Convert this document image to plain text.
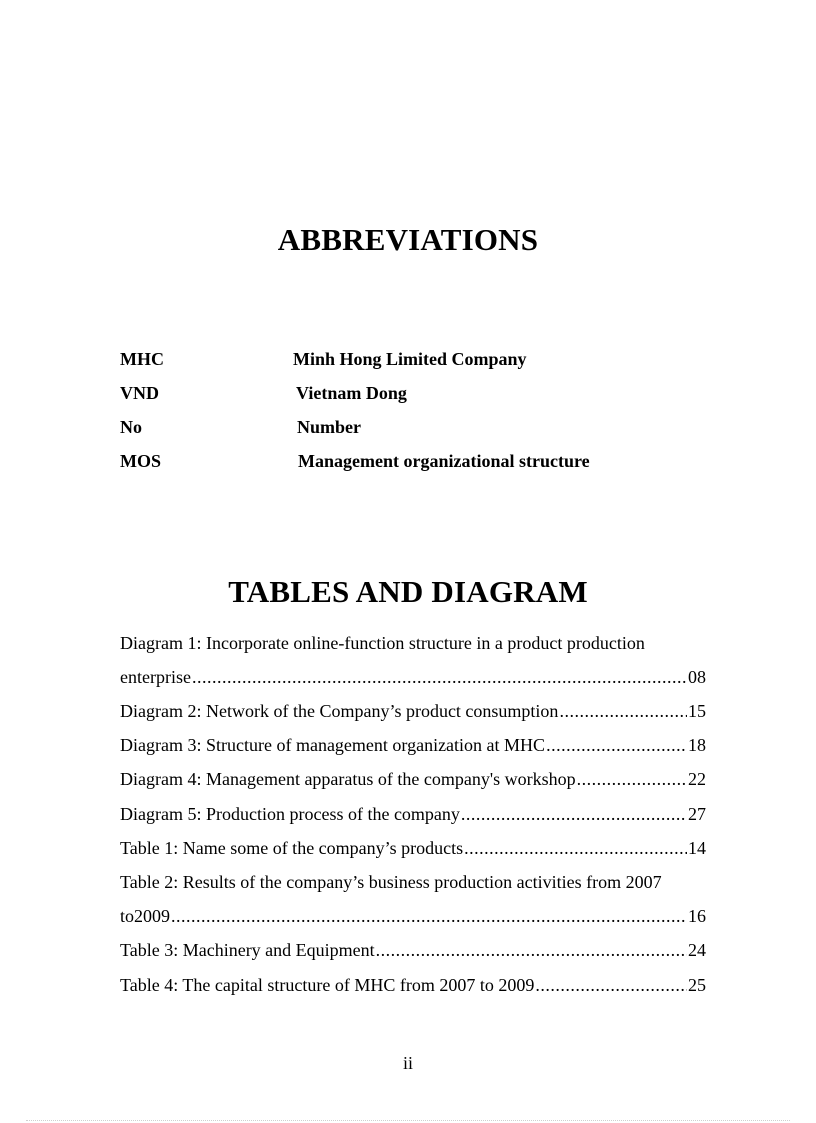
ABBREVIATIONS
MHC	Minh Hong Limited Company
VND	Vietnam Dong
No	Number
MOS	Management organizational structure
TABLES AND DIAGRAM
Diagram 1: Incorporate online-function structure in a product production
enterprise .....	08
Diagram 2: Network of the Company’s product consumption .....	15
Diagram 3: Structure of management organization at MHC .....	18
Diagram 4: Management apparatus of the company's workshop .....	22
Diagram 5: Production process of the company .....	27
Table 1: Name some of the company’s products .....	14
Table 2: Results of the company’s business production activities from 2007
to2009 .....	16
Table 3: Machinery and Equipment .....	24
Table 4: The capital structure of MHC from 2007 to 2009 .....	25
ii
